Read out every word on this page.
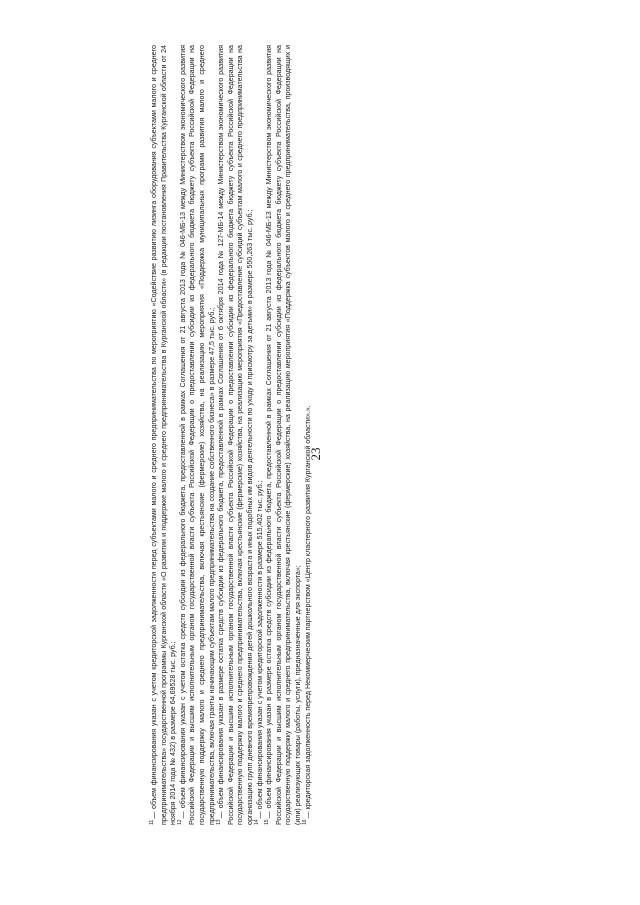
23

$^{11}$— объем финансирования указан с учетом кредиторской задолженности перед субъектами малого и среднего предпринимательства по мероприятию «Содействие развитию лизинга оборудования субъектами малого и среднего предпринимательства» государственной программы Курганской области «О развитии и поддержке малого и среднего предпринимательства в Курганской области» (в редакции постановления Правительства Курганской области от 24 ноября 2014 года № 432) в размере 64,69528 тыс. руб.; $^{12}$— объем финансирования указан с учетом остатка средств субсидии из федерального бюджета, предоставленной в рамках Соглашения от 21 августа 2013 года № 046-МБ-13 между Министерством экономического развития Российской Федерации и высшим исполнительным органом государственной власти субъекта Российской Федерации о предоставлении субсидии из федерального бюджета бюджету субъекта Российской Федерации на государственную поддержку малого и среднего предпринимательства, включая крестьянские (фермерские) хозяйства, на реализацию мероприятия «Поддержка муниципальных программ развития малого и среднего предпринимательства, включая гранты начинающим субъектам малого предпринимательства на создание собственного бизнеса» в размере 47,5 тыс. руб.; $^{13}$— объем финансирования указан в размере остатка средств субсидии из федерального бюджета, предоставленной в рамках Соглашения от 6 октября 2014 года № 127-МБ-14 между Министерством экономического развития Российской Федерации и высшим исполнительным органом государственной власти субъекта Российской Федерации о предоставлении субсидии из федерального бюджета бюджету субъекта Российской Федерации на государственную поддержку малого и среднего предпринимательства, включая крестьянские (фермерские) хозяйства, на реализацию мероприятия «Предоставление субсидий субъектам малого и среднего предпринимательства на организацию групп дневного времяпрепровождения детей дошкольного возраста и иных подобных им видов деятельности по уходу и присмотру за детьми» в размере 550,263 тыс. руб.; $^{14}$— объем финансирования указан с учетом кредиторской задолженности в размере 515,402 тыс. руб.;

$^{15}$— объем финансирования указан в размере остатка средств субсидии из федерального бюджета, предоставленной в рамках Соглашения от 21 августа 2013 года № 046-МБ-13 между Министерством экономического развития Российской Федерации и высшим исполнительным органом государственной власти субъекта Российской Федерации о предоставлении субсидии из федерального бюджета бюджету субъекта Российской Федерации на государственную поддержку малого и среднего предпринимательства, включая крестьянские (фермерские) хозяйства, на реализацию мероприятия «Поддержка субъектов малого и среднего предпринимательства, производящих и (или) реализующих товары (работы, услуги), предназначенные для экспорта»; $^{16}$— кредиторская задолженность перед Некоммерческим партнерством «Центр кластерного развития Курганской области».».
